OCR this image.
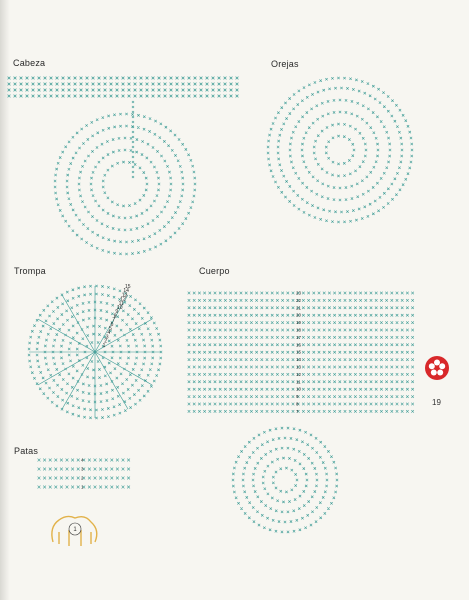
Cabeza	Orejas
Trompa
15
14
13
12
11
10
9
8
7
6
5
4
3
2
1
Cuerpo
23
22
21
20
19
18
17
16
15
14
13
12
11
10
9
8
7
Patas
4
3
2
1
1
19
